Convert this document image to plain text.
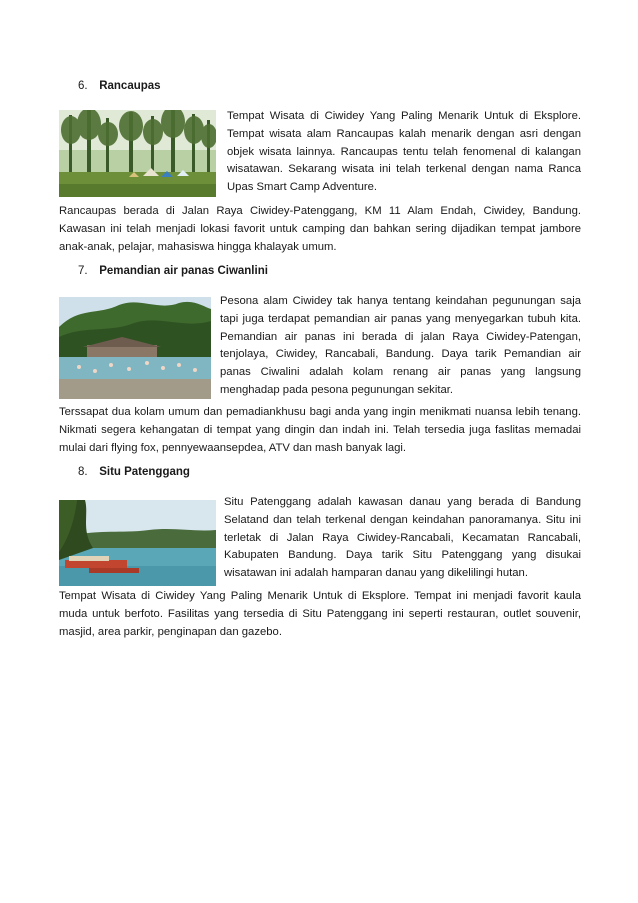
6. Rancaupas
Tempat Wisata di Ciwidey Yang Paling Menarik Untuk di Eksplore. Tempat wisata alam Rancaupas kalah menarik dengan asri dengan objek wisata lainnya. Rancaupas tentu telah fenomenal di kalangan wisatawan. Sekarang wisata ini telah terkenal dengan nama Ranca Upas Smart Camp Adventure.
Rancaupas berada di Jalan Raya Ciwidey-Patenggang, KM 11 Alam Endah, Ciwidey, Bandung. Kawasan ini telah menjadi lokasi favorit untuk camping dan bahkan sering dijadikan tempat jambore anak-anak, pelajar, mahasiswa hingga khalayak umum.
7. Pemandian air panas Ciwanlini
Pesona alam Ciwidey tak hanya tentang keindahan pegunungan saja tapi juga terdapat pemandian air panas yang menyegarkan tubuh kita. Pemandian air panas ini berada di jalan Raya Ciwidey-Patengan, tenjolaya, Ciwidey, Rancabali, Bandung. Daya tarik Pemandian air panas Ciwalini adalah kolam renang air panas yang langsung menghadap pada pesona pegunungan sekitar.
Terssapat dua kolam umum dan pemadiankhusu bagi anda yang ingin menikmati nuansa lebih tenang. Nikmati segera kehangatan di tempat yang dingin dan indah ini. Telah tersedia juga faslitas memadai mulai dari flying fox, pennyewaansepdea, ATV dan mash banyak lagi.
8. Situ Patenggang
Situ Patenggang adalah kawasan danau yang berada di Bandung Selatand dan telah terkenal dengan keindahan panoramanya. Situ ini terletak di Jalan Raya Ciwidey-Rancabali, Kecamatan Rancabali, Kabupaten Bandung. Daya tarik Situ Patenggang yang disukai wisatawan ini adalah hamparan danau yang dikelilingi hutan.
Tempat Wisata di Ciwidey Yang Paling Menarik Untuk di Eksplore. Tempat ini menjadi favorit kaula muda untuk berfoto. Fasilitas yang tersedia di Situ Patenggang ini seperti restauran, outlet souvenir, masjid, area parkir, penginapan dan gazebo.
